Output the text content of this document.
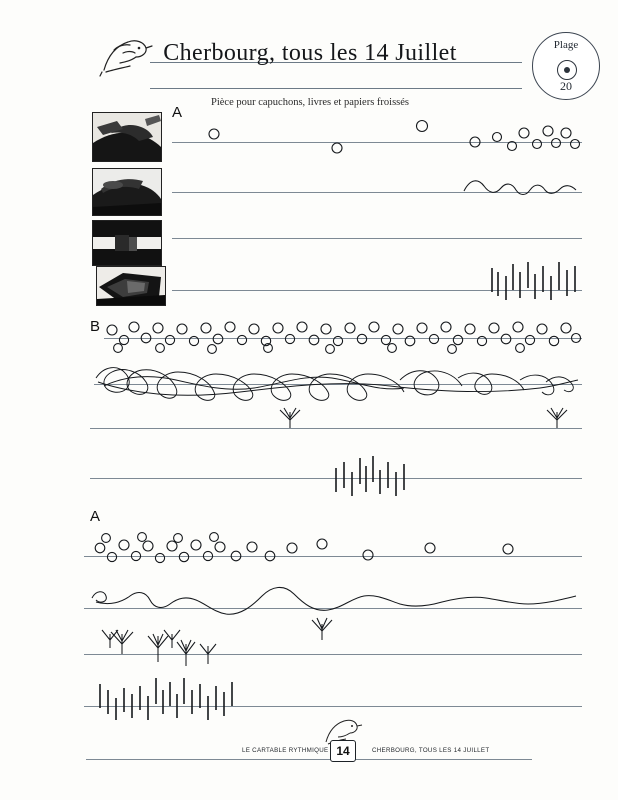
Cherbourg, tous les 14 Juillet
Pièce pour capuchons, livres et papiers froissés
Plage
20
A
B
A
LE CARTABLE RYTHMIQUE 14	CHERBOURG, TOUS LES 14 JUILLET
